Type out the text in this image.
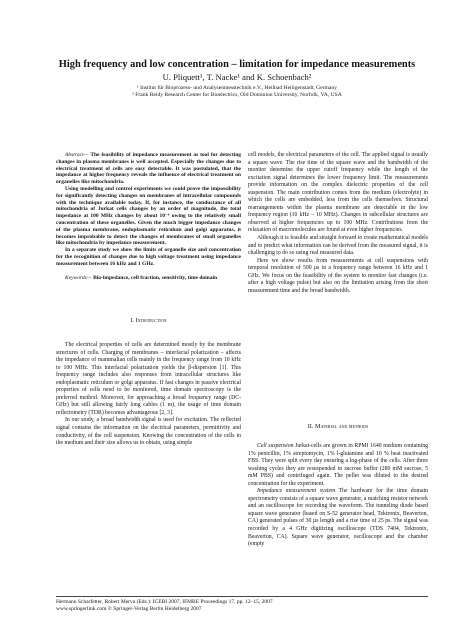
High frequency and low concentration – limitation for impedance measurements
U. Pliquett¹, T. Nacke¹ and K. Schoenbach²
¹ Institut für Bioprozess- und Analysenmesstechnik e.V., Heilbad Heiligenstadt, Germany
² Frank Reidy Research Center for Bioelectrics, Old Dominion University, Norfolk, VA, USA

Abstract— The feasibility of impedance measurement as tool for detecting changes in plasma membranes is well accepted. Especially the changes due to electrical treatment of cells are easy detectable. It was postulated, that the impedance at higher frequency reveals the influence of electrical treatment on organelles like mitochondria.

Using modelling and control experiments we could prove the impossibility for significantly detecting changes on membranes of intracellular compounds with the technique available today. If, for instance, the conductance of all mitochondria of Jurkat cells changes by an order of magnitude, the total impedance at 100 MHz changes by about 10⁻⁶ owing to the relatively small concentration of these organelles. Given the much bigger impedance changes of the plasma membrane, endoplasmatic reticulum and golgi apparatus, it becomes improbable to detect the changes of membranes of small organelles like mitochondria by impedance measurement.

In a separate study we show the limits of organelle size and concentration for the recognition of changes due to high voltage treatment using impedance measurement between 16 kHz and 1 GHz.

Keywords— Bio-impedance, cell fraction, sensitivity, time domain

I. Introduction

The electrical properties of cells are determined mostly by the membrane structures of cells. Charging of membranes – interfacial polarization – affects the impedance of mammalian cells mainly in the frequency range from 10 kHz to 100 MHz. This interfacial polarization yields the β-dispersion [1]. This frequency range includes also responses from intracellular structures like endoplasmatic reticulum or golgi apparatus. If fast changes in passive electrical properties of cells need to be monitored, time domain spectroscopy is the preferred method. Moreover, for approaching a broad frequency range (DC-GHz) but still allowing fairly long cables (1 m), the usage of time domain reflectometry (TDR) becomes advantageous [2, 3].

In our study, a broad bandwidth signal is used for excitation. The reflected signal contains the information on the electrical parameters, permittivity and conductivity, of the cell suspension. Knowing the concentration of the cells in the medium and their size allows us to obtain, using simple

cell models, the electrical parameters of the cell. The applied signal is usually a square wave. The rise time of the square wave and the bandwidth of the monitor determine the upper cutoff frequency while the length of the excitation signal determines the lower frequency limit. The measurements provide information on the complex dielectric properties of the cell suspension. The main contribution comes from the medium (electrolyte) in which the cells are embedded, less from the cells themselves. Structural rearrangements within the plasma membrane are detectable in the low frequency region (10 kHz – 10 MHz). Changes in subcellular structures are observed at higher frequencies up to 100 MHz. Contributions from the relaxation of macromolecules are found at even higher frequencies.

Although it is feasible and straight forward to create mathematical models and to predict what information can be derived from the measured signal, it is challenging to do so using real measured data.

Here we show results from measurements at cell suspensions with temporal resolution of 500 µs in a frequency range between 16 kHz and 1 GHz. We focus on the feasibility of the system to monitor fast changes (i.e. after a high voltage pulse) but also on the limitation arising from the short measurement time and the broad bandwidth.

II. Material and methods

Cell suspension Jurkat-cells are grown in RPMI 1640 medium containing 1% penicillin, 1% streptomycin, 1% l-glutamine and 10 % heat inactivated FBS. They were split every day ensuring a log-phase of the cells. After three washing cycles they are resuspended in sucrose buffer (280 mM sucrose, 5 mM PBS) and centrifuged again. The pellet was diluted to the desired concentration for the experiment.

Impedance measurement system The hardware for the time domain spectrometry consists of a square wave generator, a matching resistor network and an oscilloscope for recording the waveform. The tunneling diode based square wave generator (based on S-52 generator head, Tektronix, Beaverton, CA) generated pulses of 30 µs length and a rise time of 25 ps. The signal was recorded by a 4 GHz digitizing oscilloscope (TDS 7404, Tektronix, Beaverton, CA). Square wave generator, oscilloscope and the chamber (empty

Hermann Scharfetter, Robert Merva (Eds.): ICEBI 2007, IFMBE Proceedings 17, pp. 12–15, 2007
www.springerlink.com © Springer-Verlag Berlin Heidelberg 2007
